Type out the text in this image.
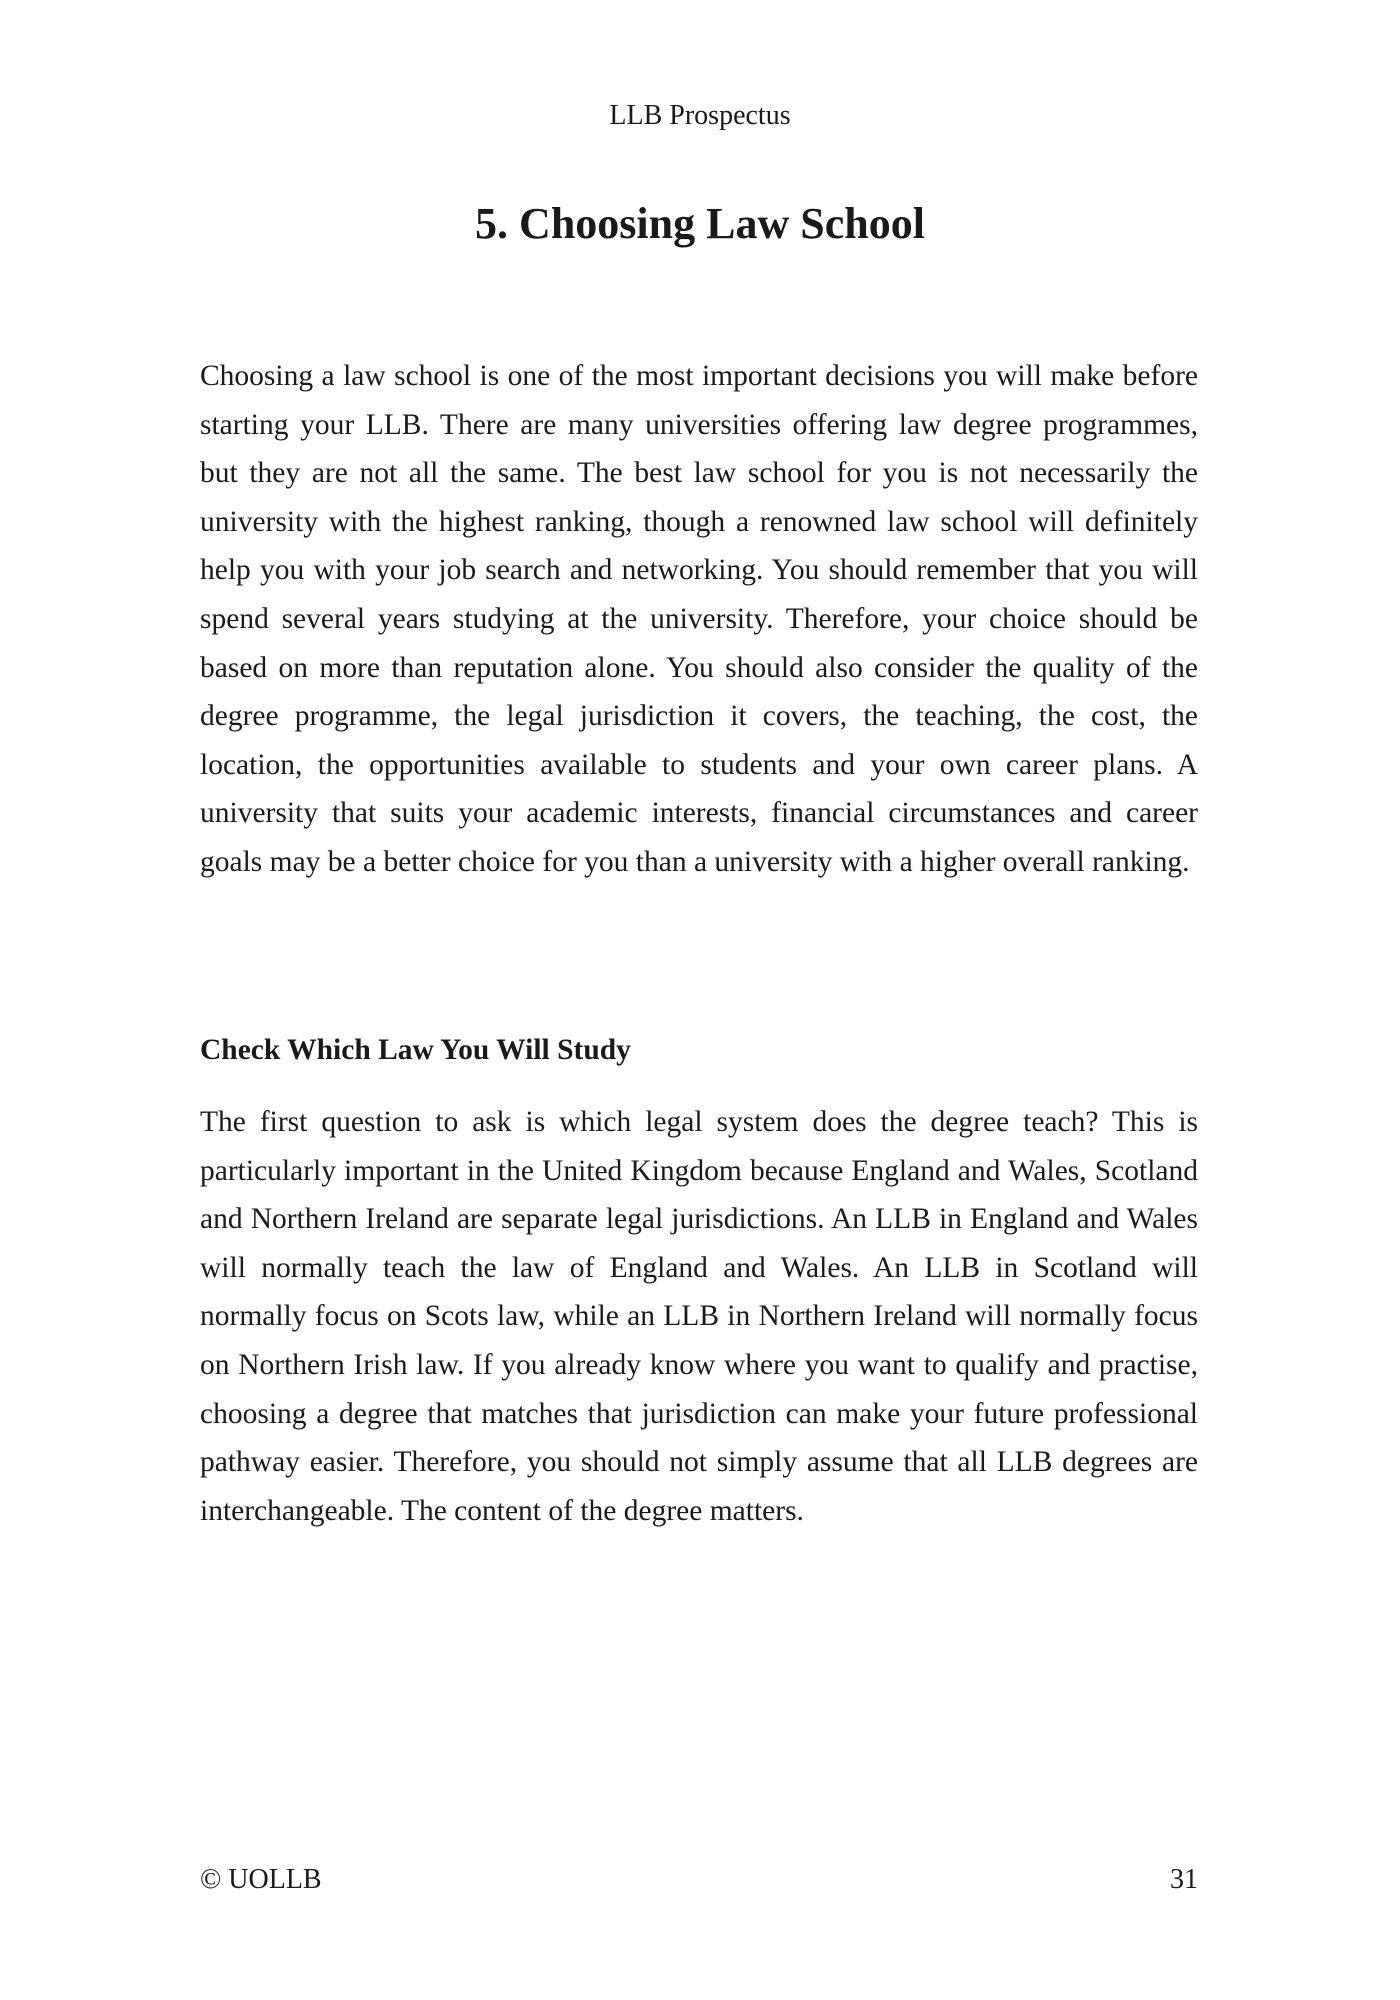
LLB Prospectus
5. Choosing Law School

Choosing a law school is one of the most important decisions you will make before starting your LLB. There are many universities offering law degree programmes, but they are not all the same. The best law school for you is not necessarily the university with the highest ranking, though a renowned law school will definitely help you with your job search and networking. You should remember that you will spend several years studying at the university. Therefore, your choice should be based on more than reputation alone. You should also consider the quality of the degree programme, the legal jurisdiction it covers, the teaching, the cost, the location, the opportunities available to students and your own career plans. A university that suits your academic interests, financial circumstances and career goals may be a better choice for you than a university with a higher overall ranking.

Check Which Law You Will Study

The first question to ask is which legal system does the degree teach? This is particularly important in the United Kingdom because England and Wales, Scotland and Northern Ireland are separate legal jurisdictions. An LLB in England and Wales will normally teach the law of England and Wales. An LLB in Scotland will normally focus on Scots law, while an LLB in Northern Ireland will normally focus on Northern Irish law. If you already know where you want to qualify and practise, choosing a degree that matches that jurisdiction can make your future professional pathway easier. Therefore, you should not simply assume that all LLB degrees are interchangeable. The content of the degree matters.

© UOLLB	31
